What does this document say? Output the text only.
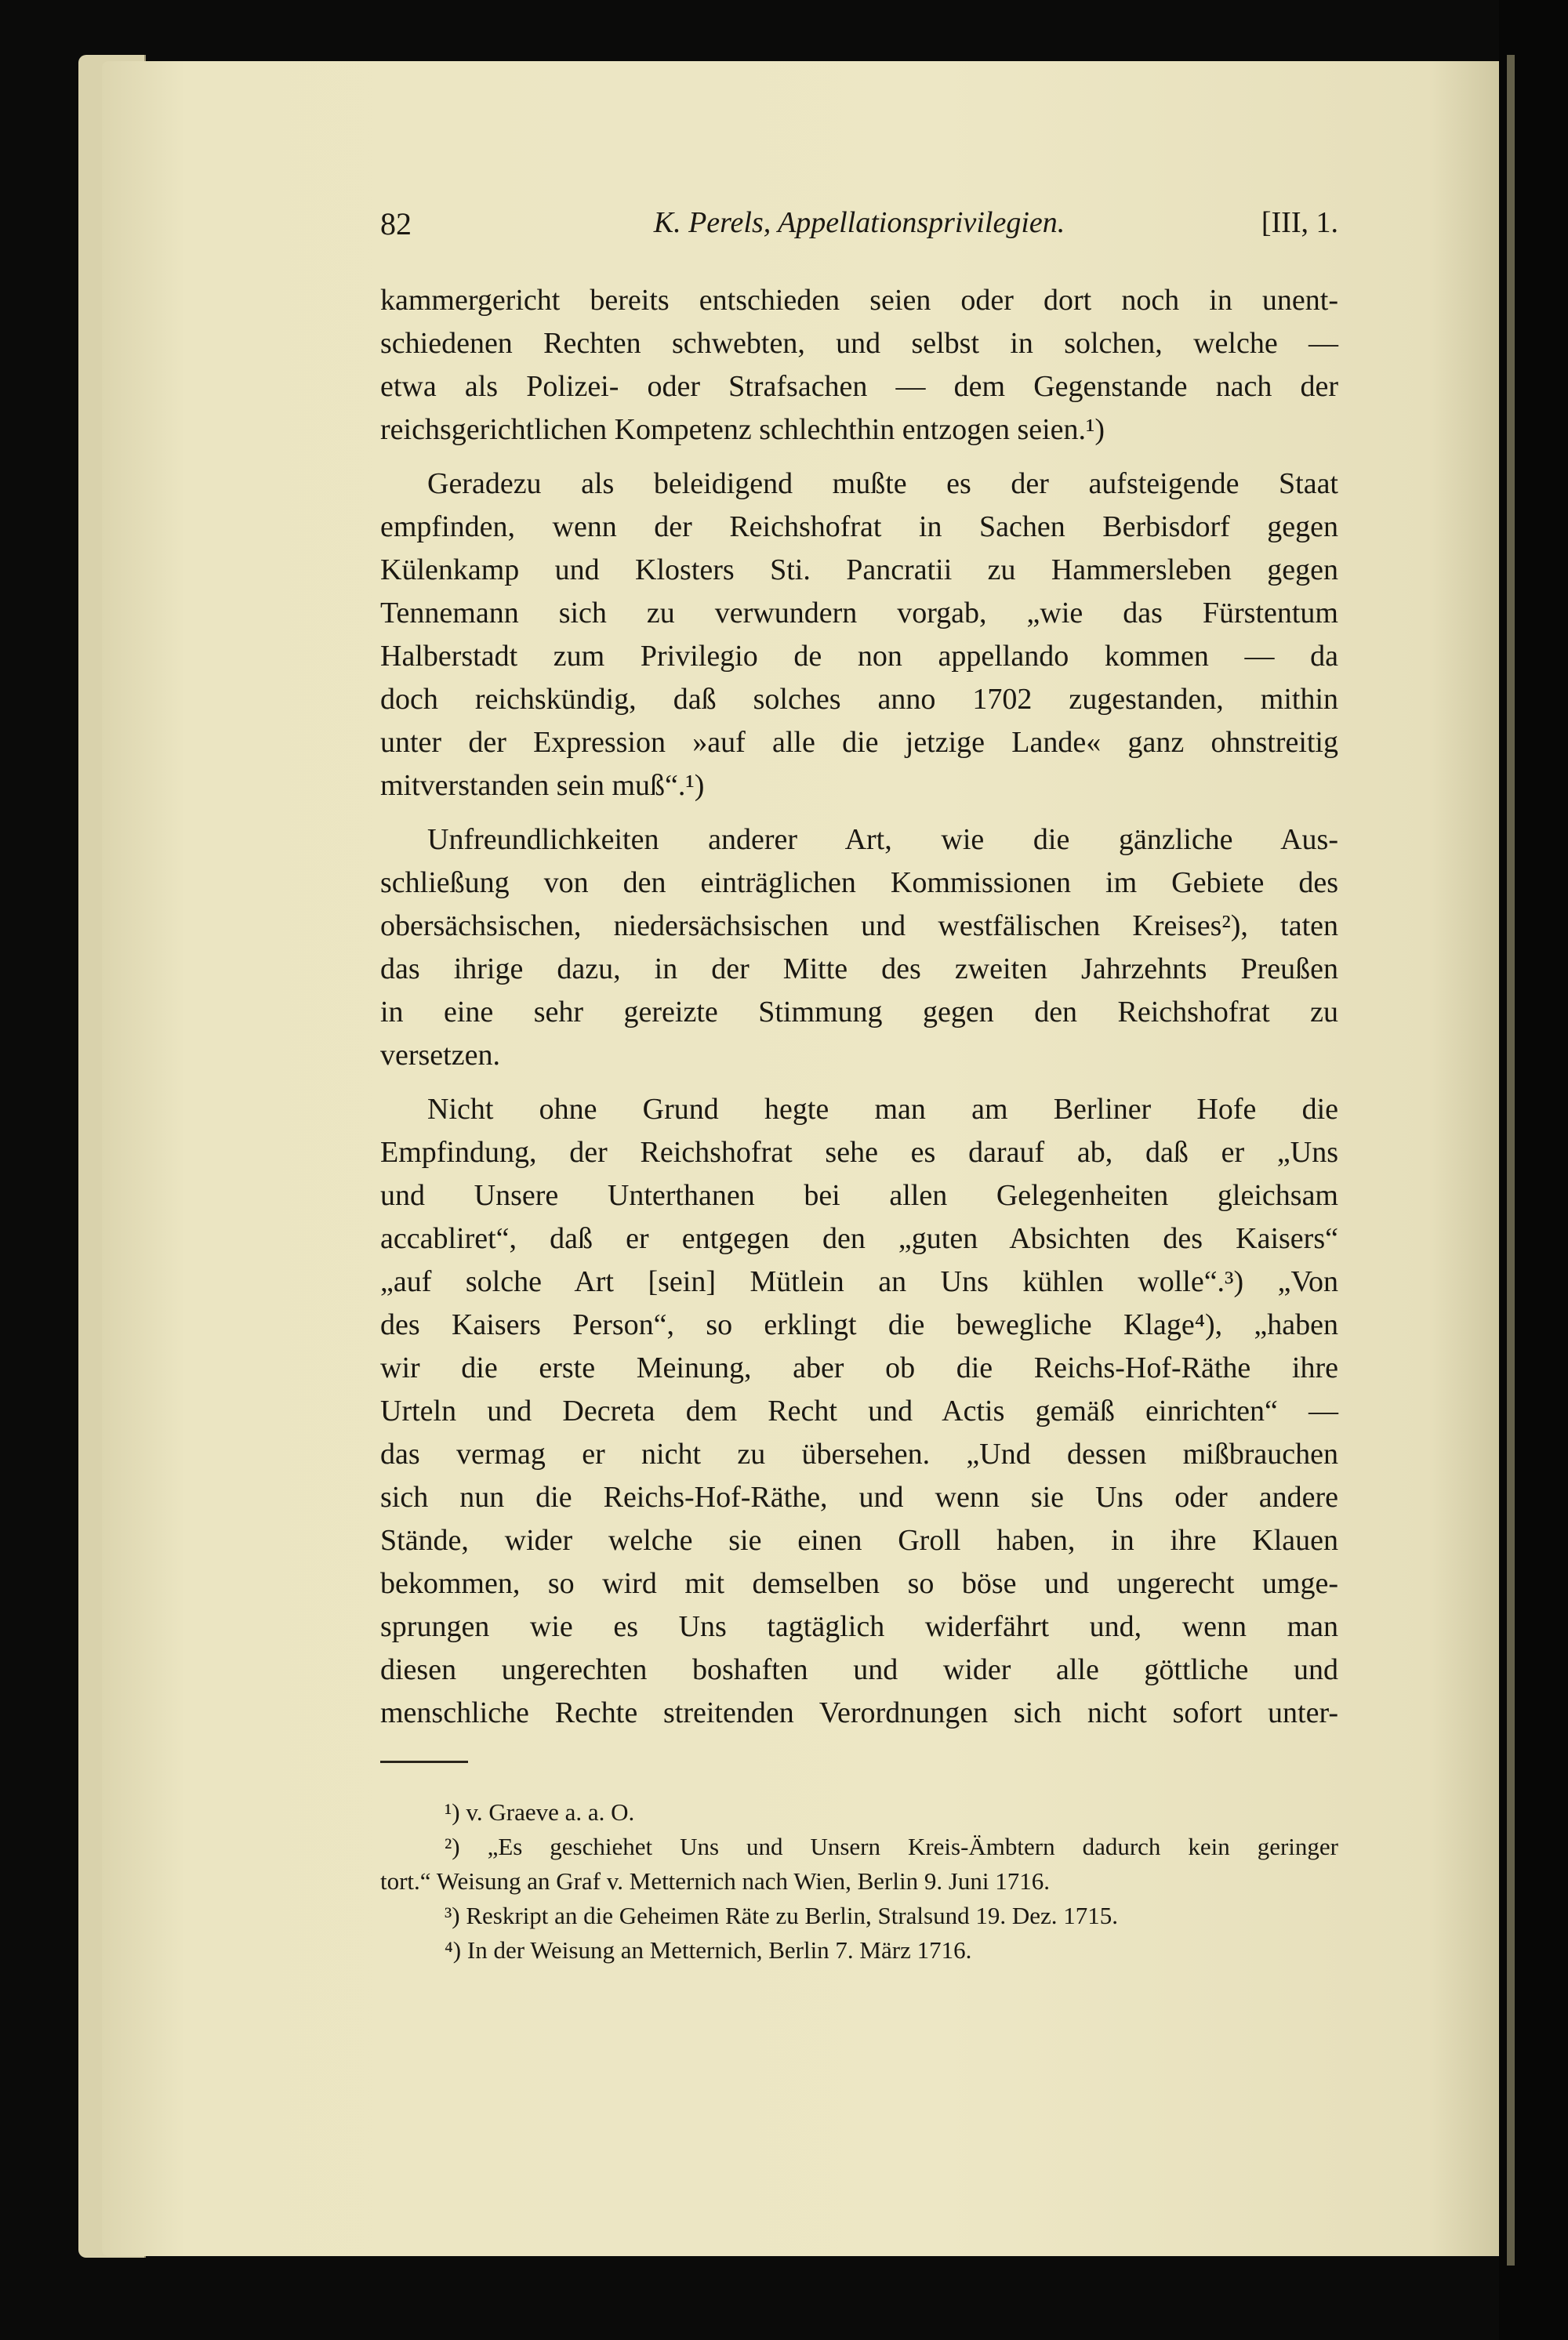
82	K. Perels, Appellationsprivilegien.	[III, 1.
kammergericht bereits entschieden seien oder dort noch in unent-
schiedenen Rechten schwebten, und selbst in solchen, welche —
etwa als Polizei- oder Strafsachen — dem Gegenstande nach der
reichsgerichtlichen Kompetenz schlechthin entzogen seien.¹)
Geradezu als beleidigend mußte es der aufsteigende Staat
empfinden, wenn der Reichshofrat in Sachen Berbisdorf gegen
Külenkamp und Klosters Sti. Pancratii zu Hammersleben gegen
Tennemann sich zu verwundern vorgab, „wie das Fürstentum
Halberstadt zum Privilegio de non appellando kommen — da
doch reichskündig, daß solches anno 1702 zugestanden, mithin
unter der Expression »auf alle die jetzige Lande« ganz ohnstreitig
mitverstanden sein muß“.¹)
Unfreundlichkeiten anderer Art, wie die gänzliche Aus-
schließung von den einträglichen Kommissionen im Gebiete des
obersächsischen, niedersächsischen und westfälischen Kreises²), taten
das ihrige dazu, in der Mitte des zweiten Jahrzehnts Preußen
in eine sehr gereizte Stimmung gegen den Reichshofrat zu
versetzen.
Nicht ohne Grund hegte man am Berliner Hofe die
Empfindung, der Reichshofrat sehe es darauf ab, daß er „Uns
und Unsere Unterthanen bei allen Gelegenheiten gleichsam
accabliret“, daß er entgegen den „guten Absichten des Kaisers“
„auf solche Art [sein] Mütlein an Uns kühlen wolle“.³) „Von
des Kaisers Person“, so erklingt die bewegliche Klage⁴), „haben
wir die erste Meinung, aber ob die Reichs-Hof-Räthe ihre
Urteln und Decreta dem Recht und Actis gemäß einrichten“ —
das vermag er nicht zu übersehen. „Und dessen mißbrauchen
sich nun die Reichs-Hof-Räthe, und wenn sie Uns oder andere
Stände, wider welche sie einen Groll haben, in ihre Klauen
bekommen, so wird mit demselben so böse und ungerecht umge-
sprungen wie es Uns tagtäglich widerfährt und, wenn man
diesen ungerechten boshaften und wider alle göttliche und
menschliche Rechte streitenden Verordnungen sich nicht sofort unter-
¹) v. Graeve a. a. O.
²) „Es geschiehet Uns und Unsern Kreis-Ämbtern dadurch kein geringer
tort.“ Weisung an Graf v. Metternich nach Wien, Berlin 9. Juni 1716.
³) Reskript an die Geheimen Räte zu Berlin, Stralsund 19. Dez. 1715.
⁴) In der Weisung an Metternich, Berlin 7. März 1716.
